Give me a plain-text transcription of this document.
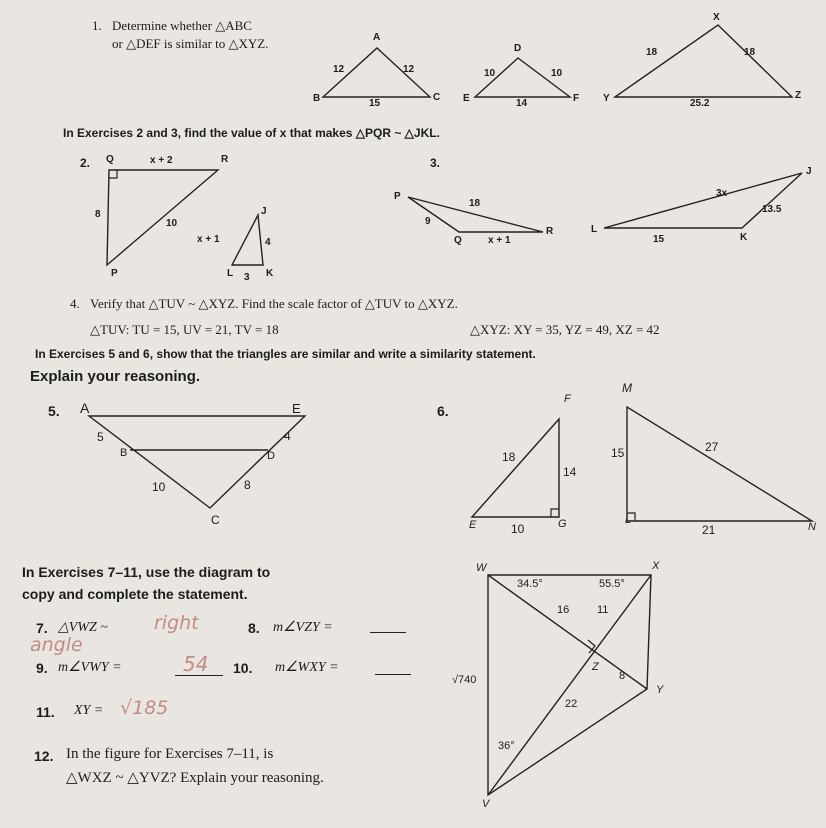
1. Determine whether △ABC
or △DEF is similar to △XYZ.	A
B	C
12	12
15
D
E	F
10	10
14
X
Y	Z
18	18
25.2
In Exercises 2 and 3, find the value of x that makes △PQR ~ △JKL.
2. Q	R
P
x + 2
8
10
J
L	K
x + 1	4
3
3.
P
Q
R
18
9
x + 1
J
L
K
3x
13.5
15
4. Verify that △TUV ~ △XYZ. Find the scale factor of △TUV to △XYZ.
△TUV: TU = 15, UV = 21, TV = 18	△XYZ: XY = 35, YZ = 49, XZ = 42
In Exercises 5 and 6, show that the triangles are similar and write a similarity statement.
Explain your reasoning.
5. A	E
B	D
C
5	4
10	8
6.
F
E	G
18
14
10
M
L
N
15	27
21
In Exercises 7–11, use the diagram to
copy and complete the statement.
7. △VWZ ~ right
angle
8. m∠VZY =
9. m∠VWY =	54 10. m∠WXY =
11. XY = √185
12. In the figure for Exercises 7–11, is
△WXZ ~ △YVZ? Explain your reasoning.
W	X
Y
Z
V
34.5°	55.5°
16	11
8
22
√740
36°
